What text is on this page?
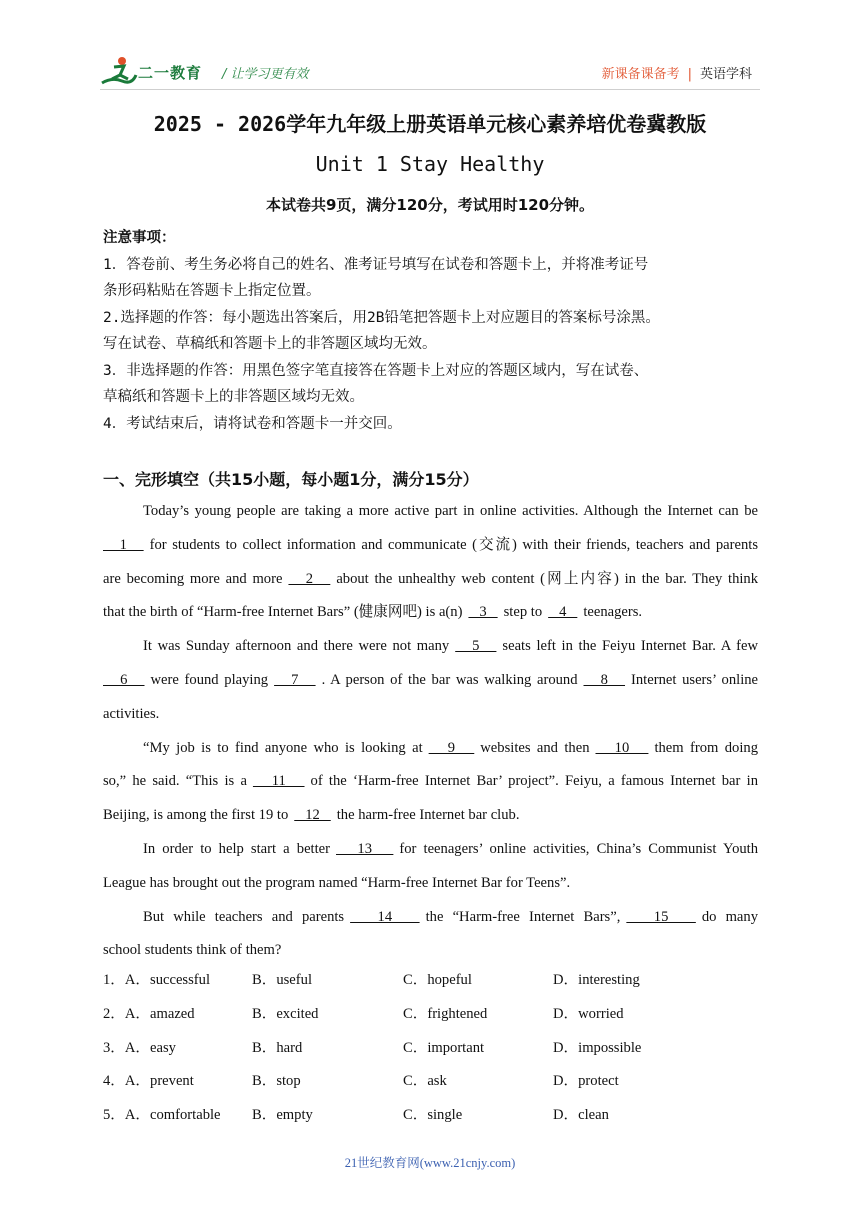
二一教育 / 让学习更有效	新课备课备考 | 英语学科
2025 - 2026学年九年级上册英语单元核心素养培优卷冀教版
Unit 1 Stay Healthy
本试卷共9页，满分120分，考试用时120分钟。
注意事项：
1．答卷前、考生务必将自己的姓名、准考证号填写在试卷和答题卡上，并将准考证号
条形码粘贴在答题卡上指定位置。
2.选择题的作答：每小题选出答案后，用2B铅笔把答题卡上对应题目的答案标号涂黑。
写在试卷、草稿纸和答题卡上的非答题区域均无效。
3．非选择题的作答：用黑色签字笔直接答在答题卡上对应的答题区域内，写在试卷、
草稿纸和答题卡上的非答题区域均无效。
4．考试结束后，请将试卷和答题卡一并交回。
一、完形填空（共15小题，每小题1分，满分15分）
Today’s young people are taking a more active part in online activities. Although the Internet can be
1   for students to collect information and communicate (交流) with their friends, teachers and parents
are becoming more and more   2   about the unhealthy web content (网上内容) in the bar. They think
that the birth of “Harm-free Internet Bars” (健康网吧) is a(n)   3   step to   4   teenagers.
It was Sunday afternoon and there were not many   5   seats left in the Feiyu Internet Bar. A few
6   were found playing   7   . A person of the bar was walking around   8   Internet users’ online
activities.
“My job is to find anyone who is looking at   9   websites and then   10   them from doing
so,” he said. “This is a   11   of the ‘Harm-free Internet Bar’ project”. Feiyu, a famous Internet bar in
Beijing, is among the first 19 to   12   the harm-free Internet bar club.
In order to help start a better   13   for teenagers’ online activities, China’s Communist Youth
League has brought out the program named “Harm-free Internet Bar for Teens”.
But while teachers and parents   14   the “Harm-free Internet Bars”,   15   do many
school students think of them?
1．A．successful	B．useful	C．hopeful	D．interesting
2．A．amazed	B．excited	C．frightened	D．worried
3．A．easy	B．hard	C．important	D．impossible
4．A．prevent	B．stop	C．ask	D．protect
5．A．comfortable B．empty	C．single	D．clean
21世纪教育网(www.21cnjy.com)
